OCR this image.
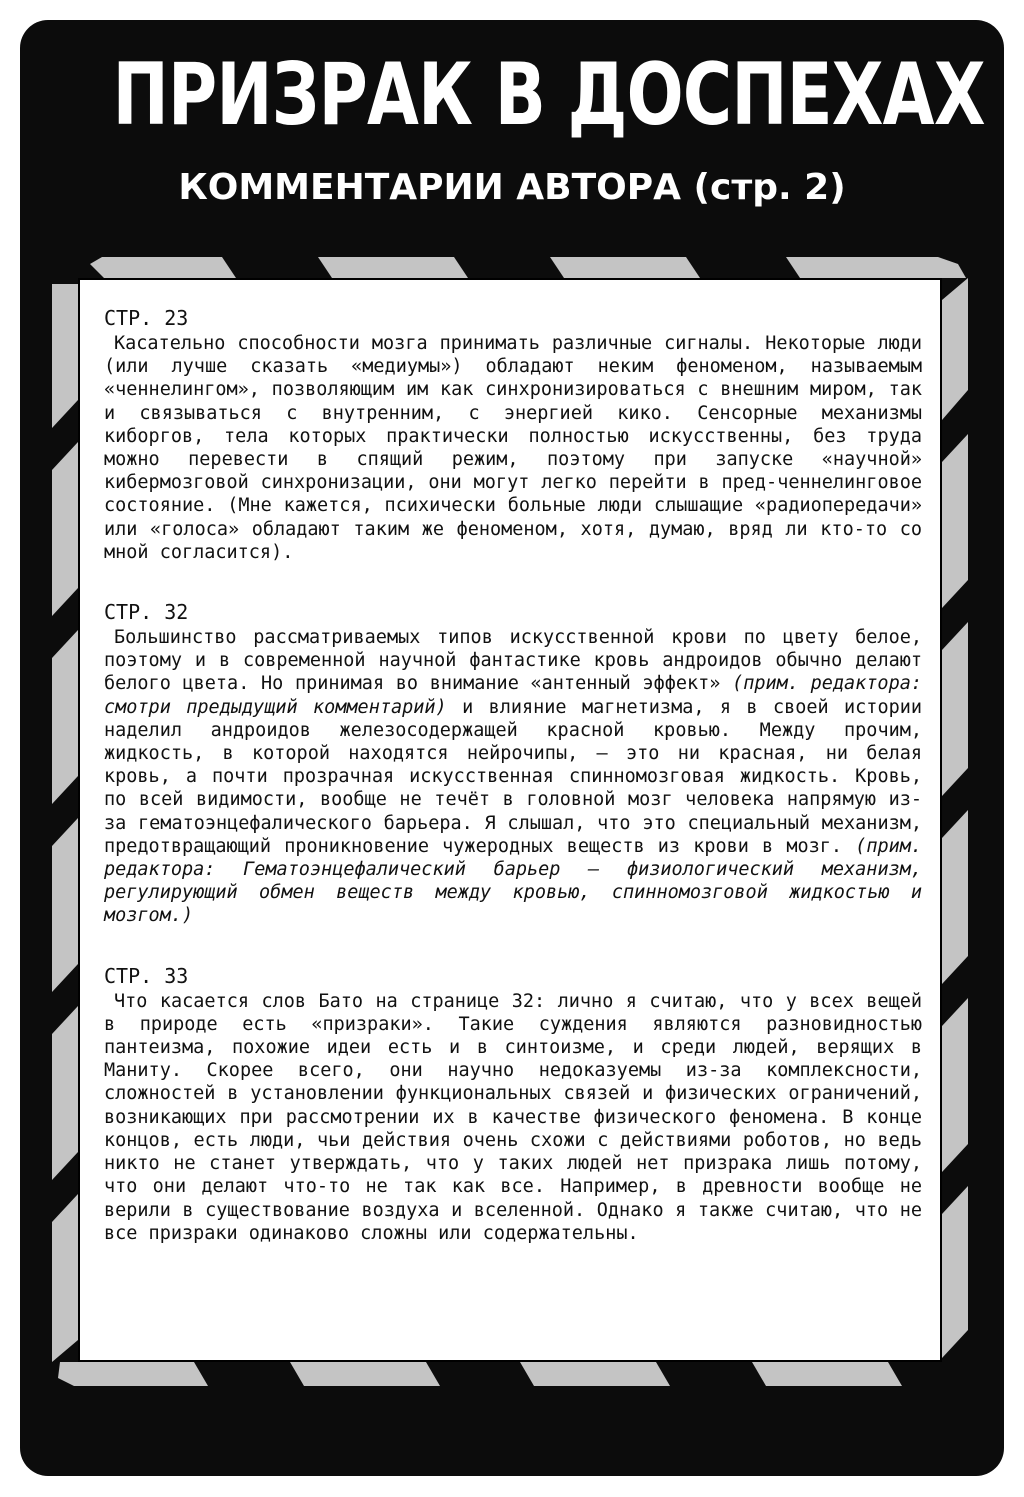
ПРИЗРАК В ДОСПЕХАХ
КОММЕНТАРИИ АВТОРА (стр. 2)
СТР. 23

Касательно способности мозга принимать различные сигналы. Некоторые люди (или лучше сказать «медиумы») обладают неким феноменом, называемым «ченнелингом», позволяющим им как синхронизироваться с внешним миром, так и связываться с внутренним, с энергией кико. Сенсорные механизмы киборгов, тела которых практически полностью искусственны, без труда можно перевести в спящий режим, поэтому при запуске «научной» кибермозговой синхронизации, они могут легко перейти в пред-ченнелинговое состояние. (Мне кажется, психически больные люди слышащие «радиопередачи» или «голоса» обладают таким же феноменом, хотя, думаю, вряд ли кто-то со мной согласится).

СТР. 32

Большинство рассматриваемых типов искусственной крови по цвету белое, поэтому и в современной научной фантастике кровь андроидов обычно делают белого цвета. Но принимая во внимание «антенный эффект» (прим. редактора: смотри предыдущий комментарий) и влияние магнетизма, я в своей истории наделил андроидов железосодержащей красной кровью. Между прочим, жидкость, в которой находятся нейрочипы, – это ни красная, ни белая кровь, а почти прозрачная искусственная спинномозговая жидкость. Кровь, по всей видимости, вообще не течёт в головной мозг человека напрямую из-за гематоэнцефалического барьера. Я слышал, что это специальный механизм, предотвращающий проникновение чужеродных веществ из крови в мозг. (прим. редактора: Гематоэнцефалический барьер – физиологический механизм, регулирующий обмен веществ между кровью, спинномозговой жидкостью и мозгом.)

СТР. 33

Что касается слов Бато на странице 32: лично я считаю, что у всех вещей в природе есть «призраки». Такие суждения являются разновидностью пантеизма, похожие идеи есть и в синтоизме, и среди людей, верящих в Маниту. Скорее всего, они научно недоказуемы из-за комплексности, сложностей в установлении функциональных связей и физических ограничений, возникающих при рассмотрении их в качестве физического феномена. В конце концов, есть люди, чьи действия очень схожи с действиями роботов, но ведь никто не станет утверждать, что у таких людей нет призрака лишь потому, что они делают что-то не так как все. Например, в древности вообще не верили в существование воздуха и вселенной. Однако я также считаю, что не все призраки одинаково сложны или содержательны.
